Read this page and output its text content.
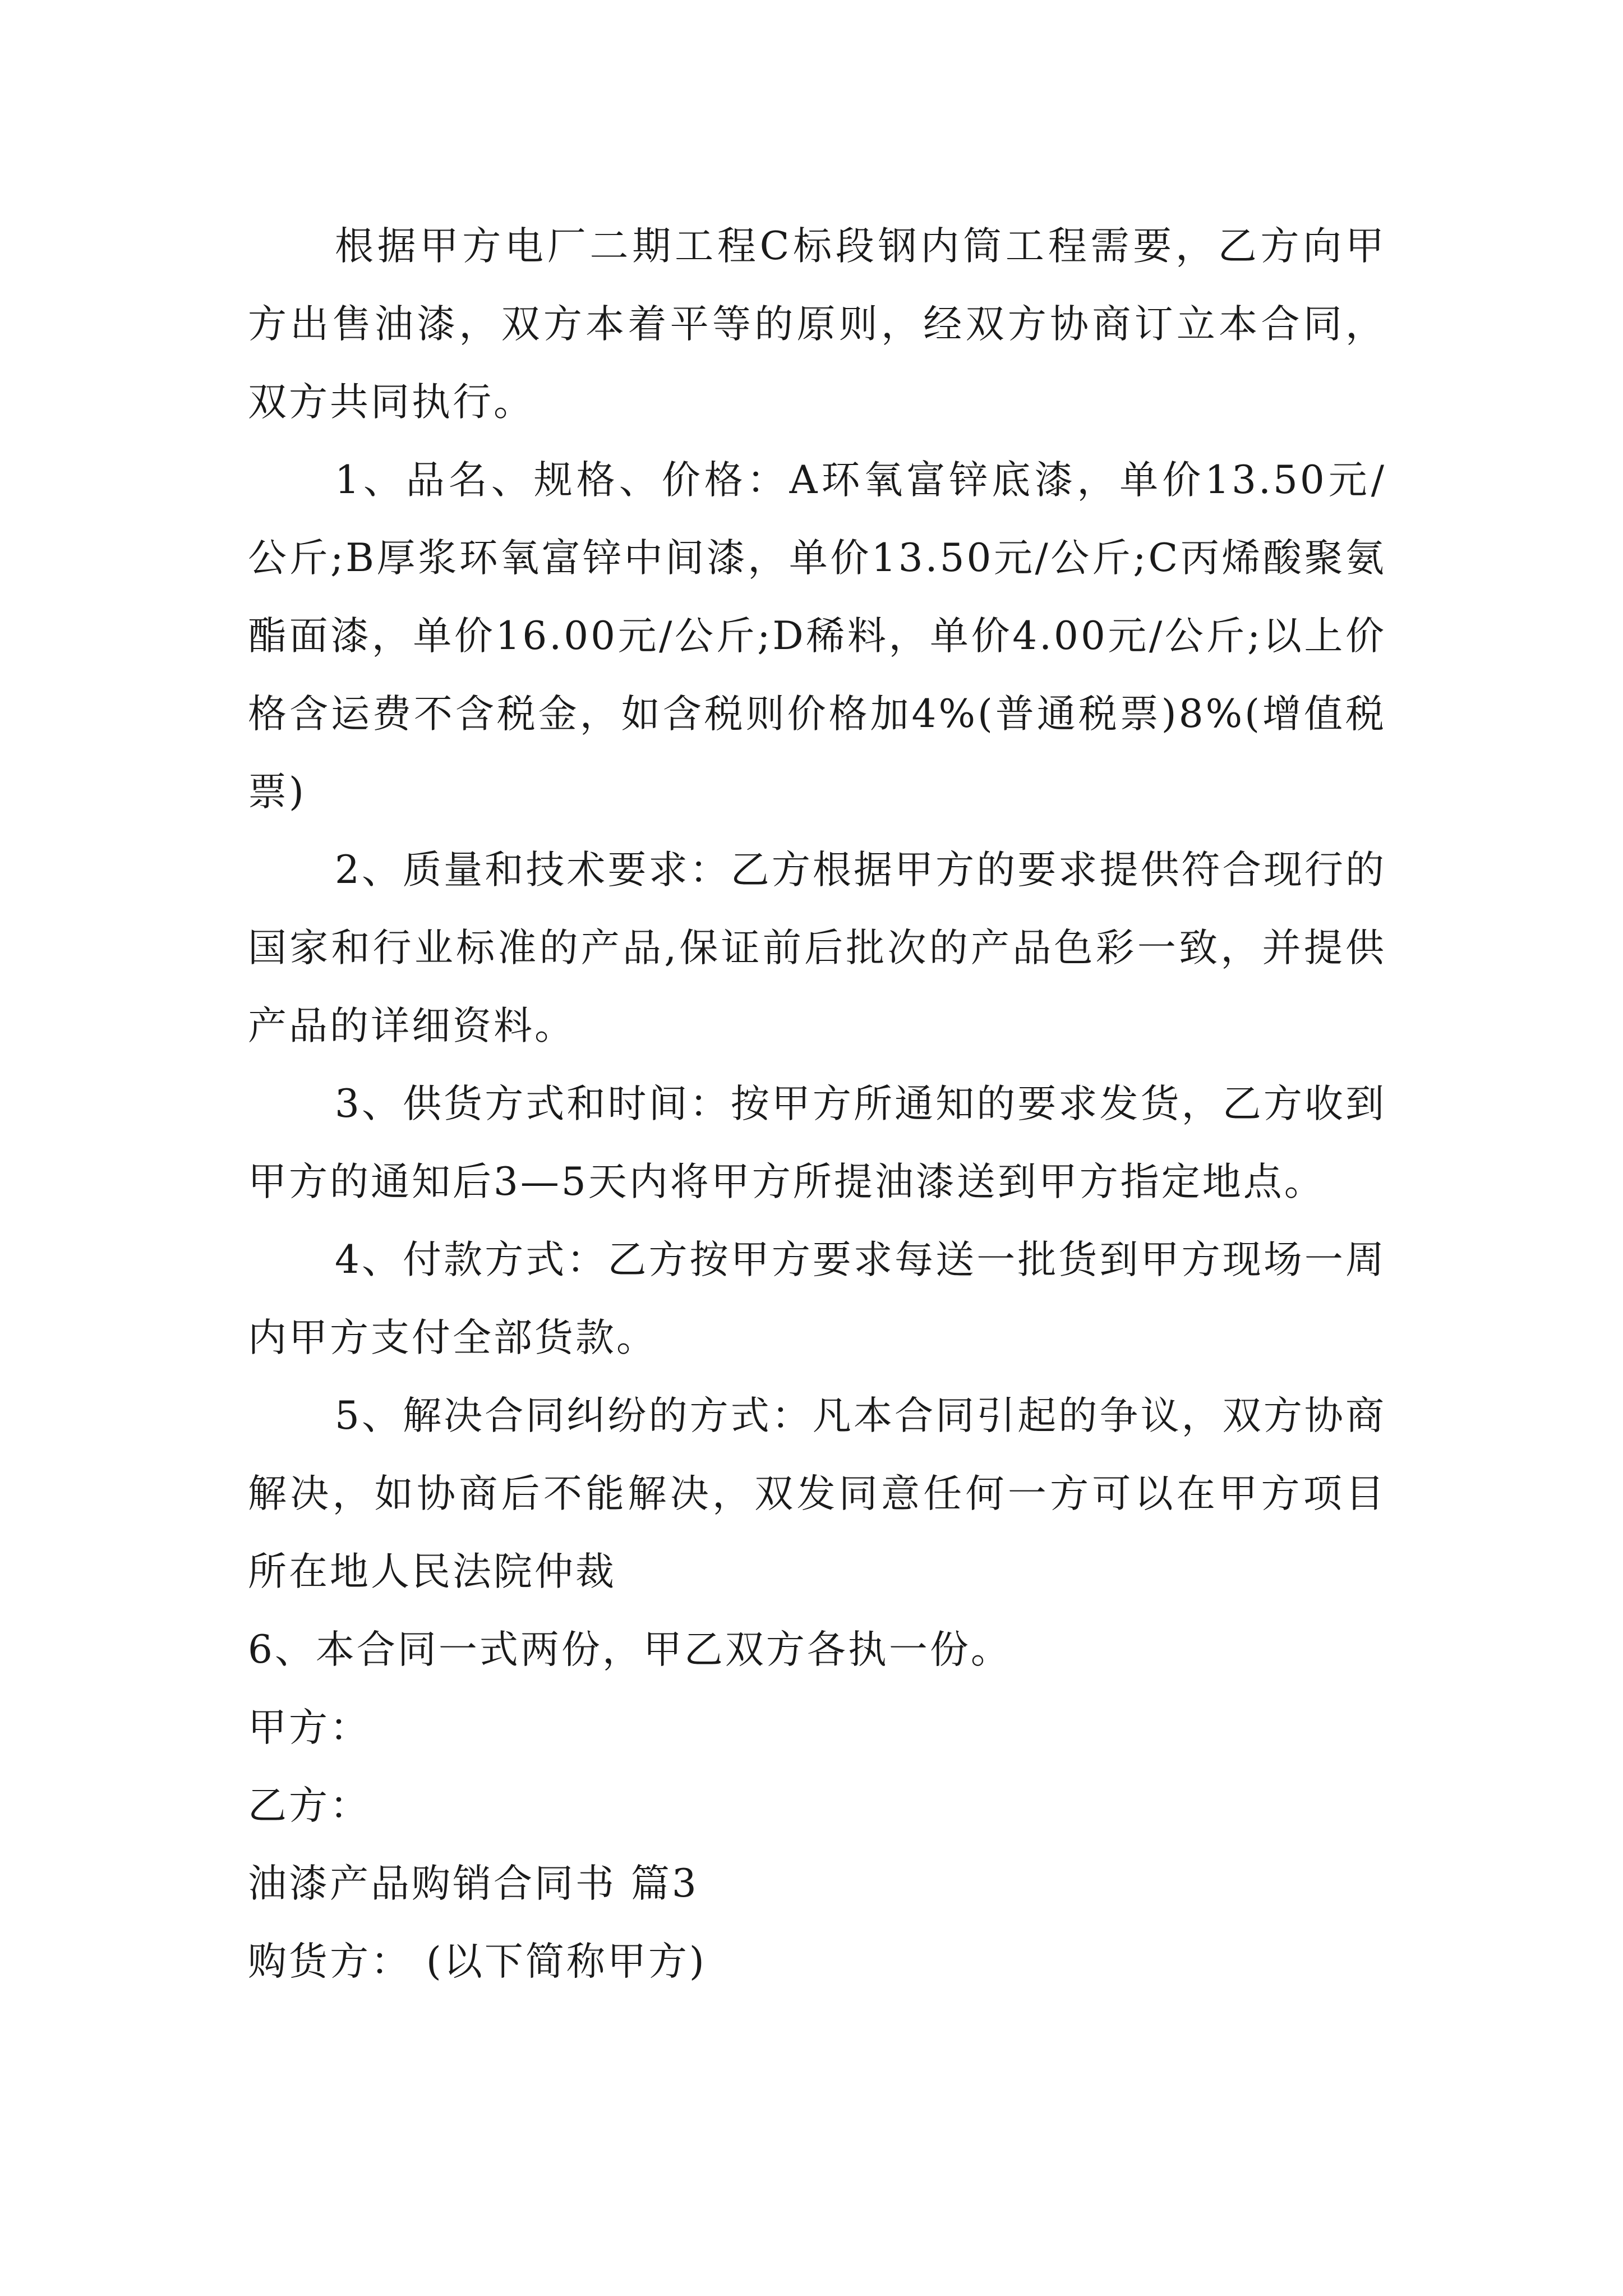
根据甲方电厂二期工程C标段钢内筒工程需要，乙方向甲方出售油漆，双方本着平等的原则，经双方协商订立本合同，双方共同执行。

1、品名、规格、价格：A环氧富锌底漆，单价13.50元/公斤;B厚浆环氧富锌中间漆，单价13.50元/公斤;C丙烯酸聚氨酯面漆，单价16.00元/公斤;D稀料，单价4.00元/公斤;以上价格含运费不含税金，如含税则价格加4%(普通税票)8%(增值税票)

2、质量和技术要求：乙方根据甲方的要求提供符合现行的国家和行业标准的产品,保证前后批次的产品色彩一致，并提供产品的详细资料。

3、供货方式和时间：按甲方所通知的要求发货，乙方收到甲方的通知后3—5天内将甲方所提油漆送到甲方指定地点。

4、付款方式：乙方按甲方要求每送一批货到甲方现场一周内甲方支付全部货款。

5、解决合同纠纷的方式：凡本合同引起的争议，双方协商解决，如协商后不能解决，双发同意任何一方可以在甲方项目所在地人民法院仲裁

6、本合同一式两份，甲乙双方各执一份。

甲方：

乙方：

油漆产品购销合同书 篇3

购货方： (以下简称甲方)
